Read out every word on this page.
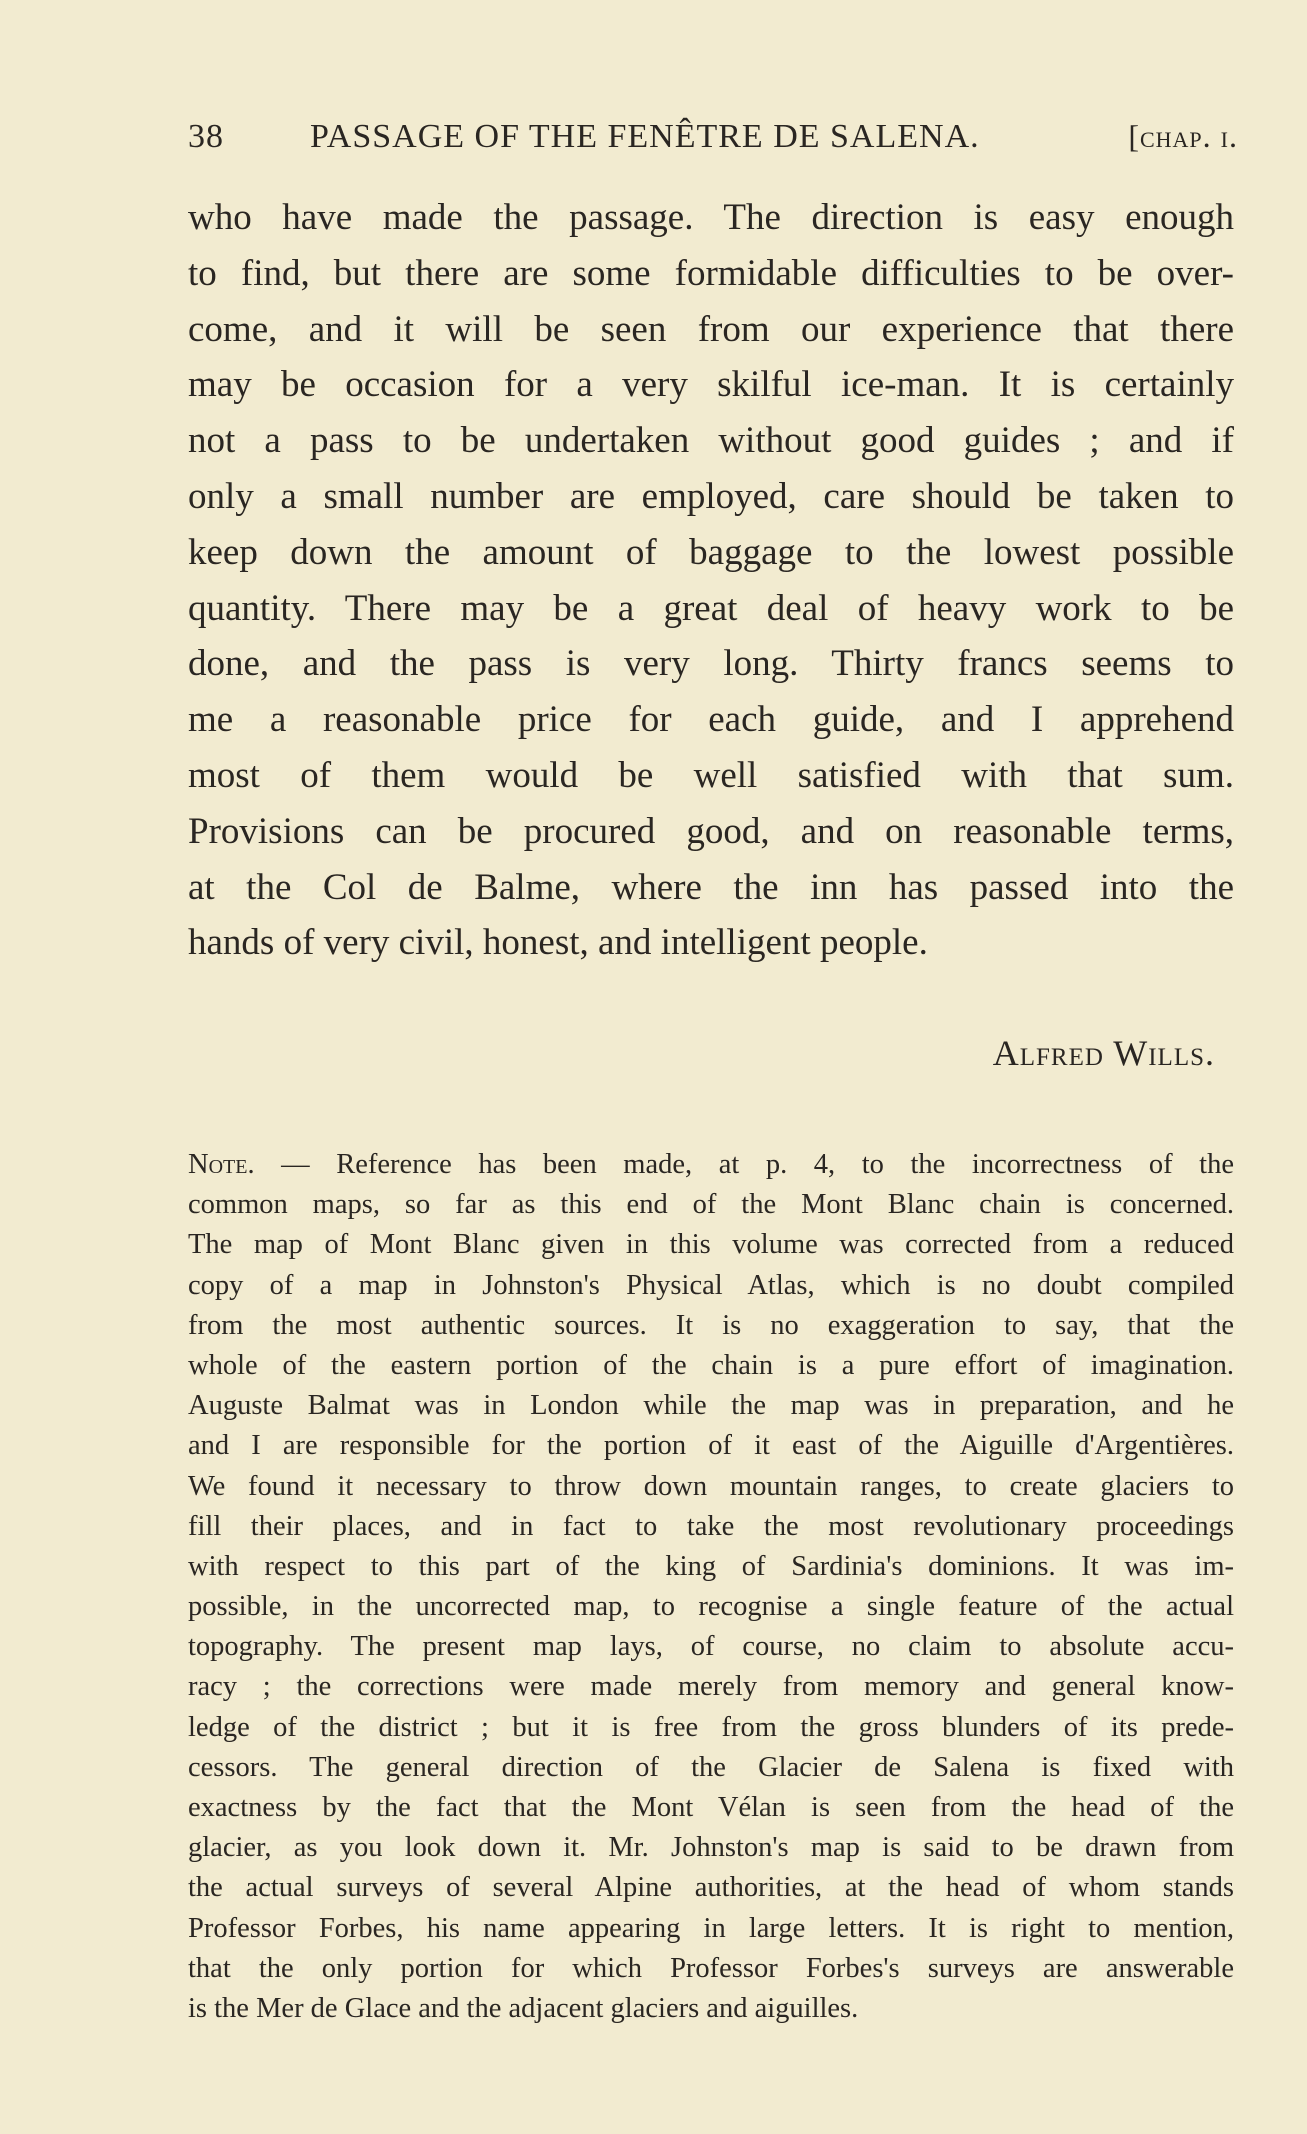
38	PASSAGE OF THE FENÊTRE DE SALENA.	[chap. i.
who have made the passage. The direction is easy enough
to find, but there are some formidable difficulties to be over-
come, and it will be seen from our experience that there
may be occasion for a very skilful ice-man. It is certainly
not a pass to be undertaken without good guides ; and if
only a small number are employed, care should be taken to
keep down the amount of baggage to the lowest possible
quantity. There may be a great deal of heavy work to be
done, and the pass is very long. Thirty francs seems to
me a reasonable price for each guide, and I apprehend
most of them would be well satisfied with that sum.
Provisions can be procured good, and on reasonable terms,
at the Col de Balme, where the inn has passed into the
hands of very civil, honest, and intelligent people.
Alfred Wills.
Note. — Reference has been made, at p. 4, to the incorrectness of the
common maps, so far as this end of the Mont Blanc chain is concerned.
The map of Mont Blanc given in this volume was corrected from a reduced
copy of a map in Johnston's Physical Atlas, which is no doubt compiled
from the most authentic sources. It is no exaggeration to say, that the
whole of the eastern portion of the chain is a pure effort of imagination.
Auguste Balmat was in London while the map was in preparation, and he
and I are responsible for the portion of it east of the Aiguille d'Argentières.
We found it necessary to throw down mountain ranges, to create glaciers to
fill their places, and in fact to take the most revolutionary proceedings
with respect to this part of the king of Sardinia's dominions. It was im-
possible, in the uncorrected map, to recognise a single feature of the actual
topography. The present map lays, of course, no claim to absolute accu-
racy ; the corrections were made merely from memory and general know-
ledge of the district ; but it is free from the gross blunders of its prede-
cessors. The general direction of the Glacier de Salena is fixed with
exactness by the fact that the Mont Vélan is seen from the head of the
glacier, as you look down it. Mr. Johnston's map is said to be drawn from
the actual surveys of several Alpine authorities, at the head of whom stands
Professor Forbes, his name appearing in large letters. It is right to mention,
that the only portion for which Professor Forbes's surveys are answerable
is the Mer de Glace and the adjacent glaciers and aiguilles.
